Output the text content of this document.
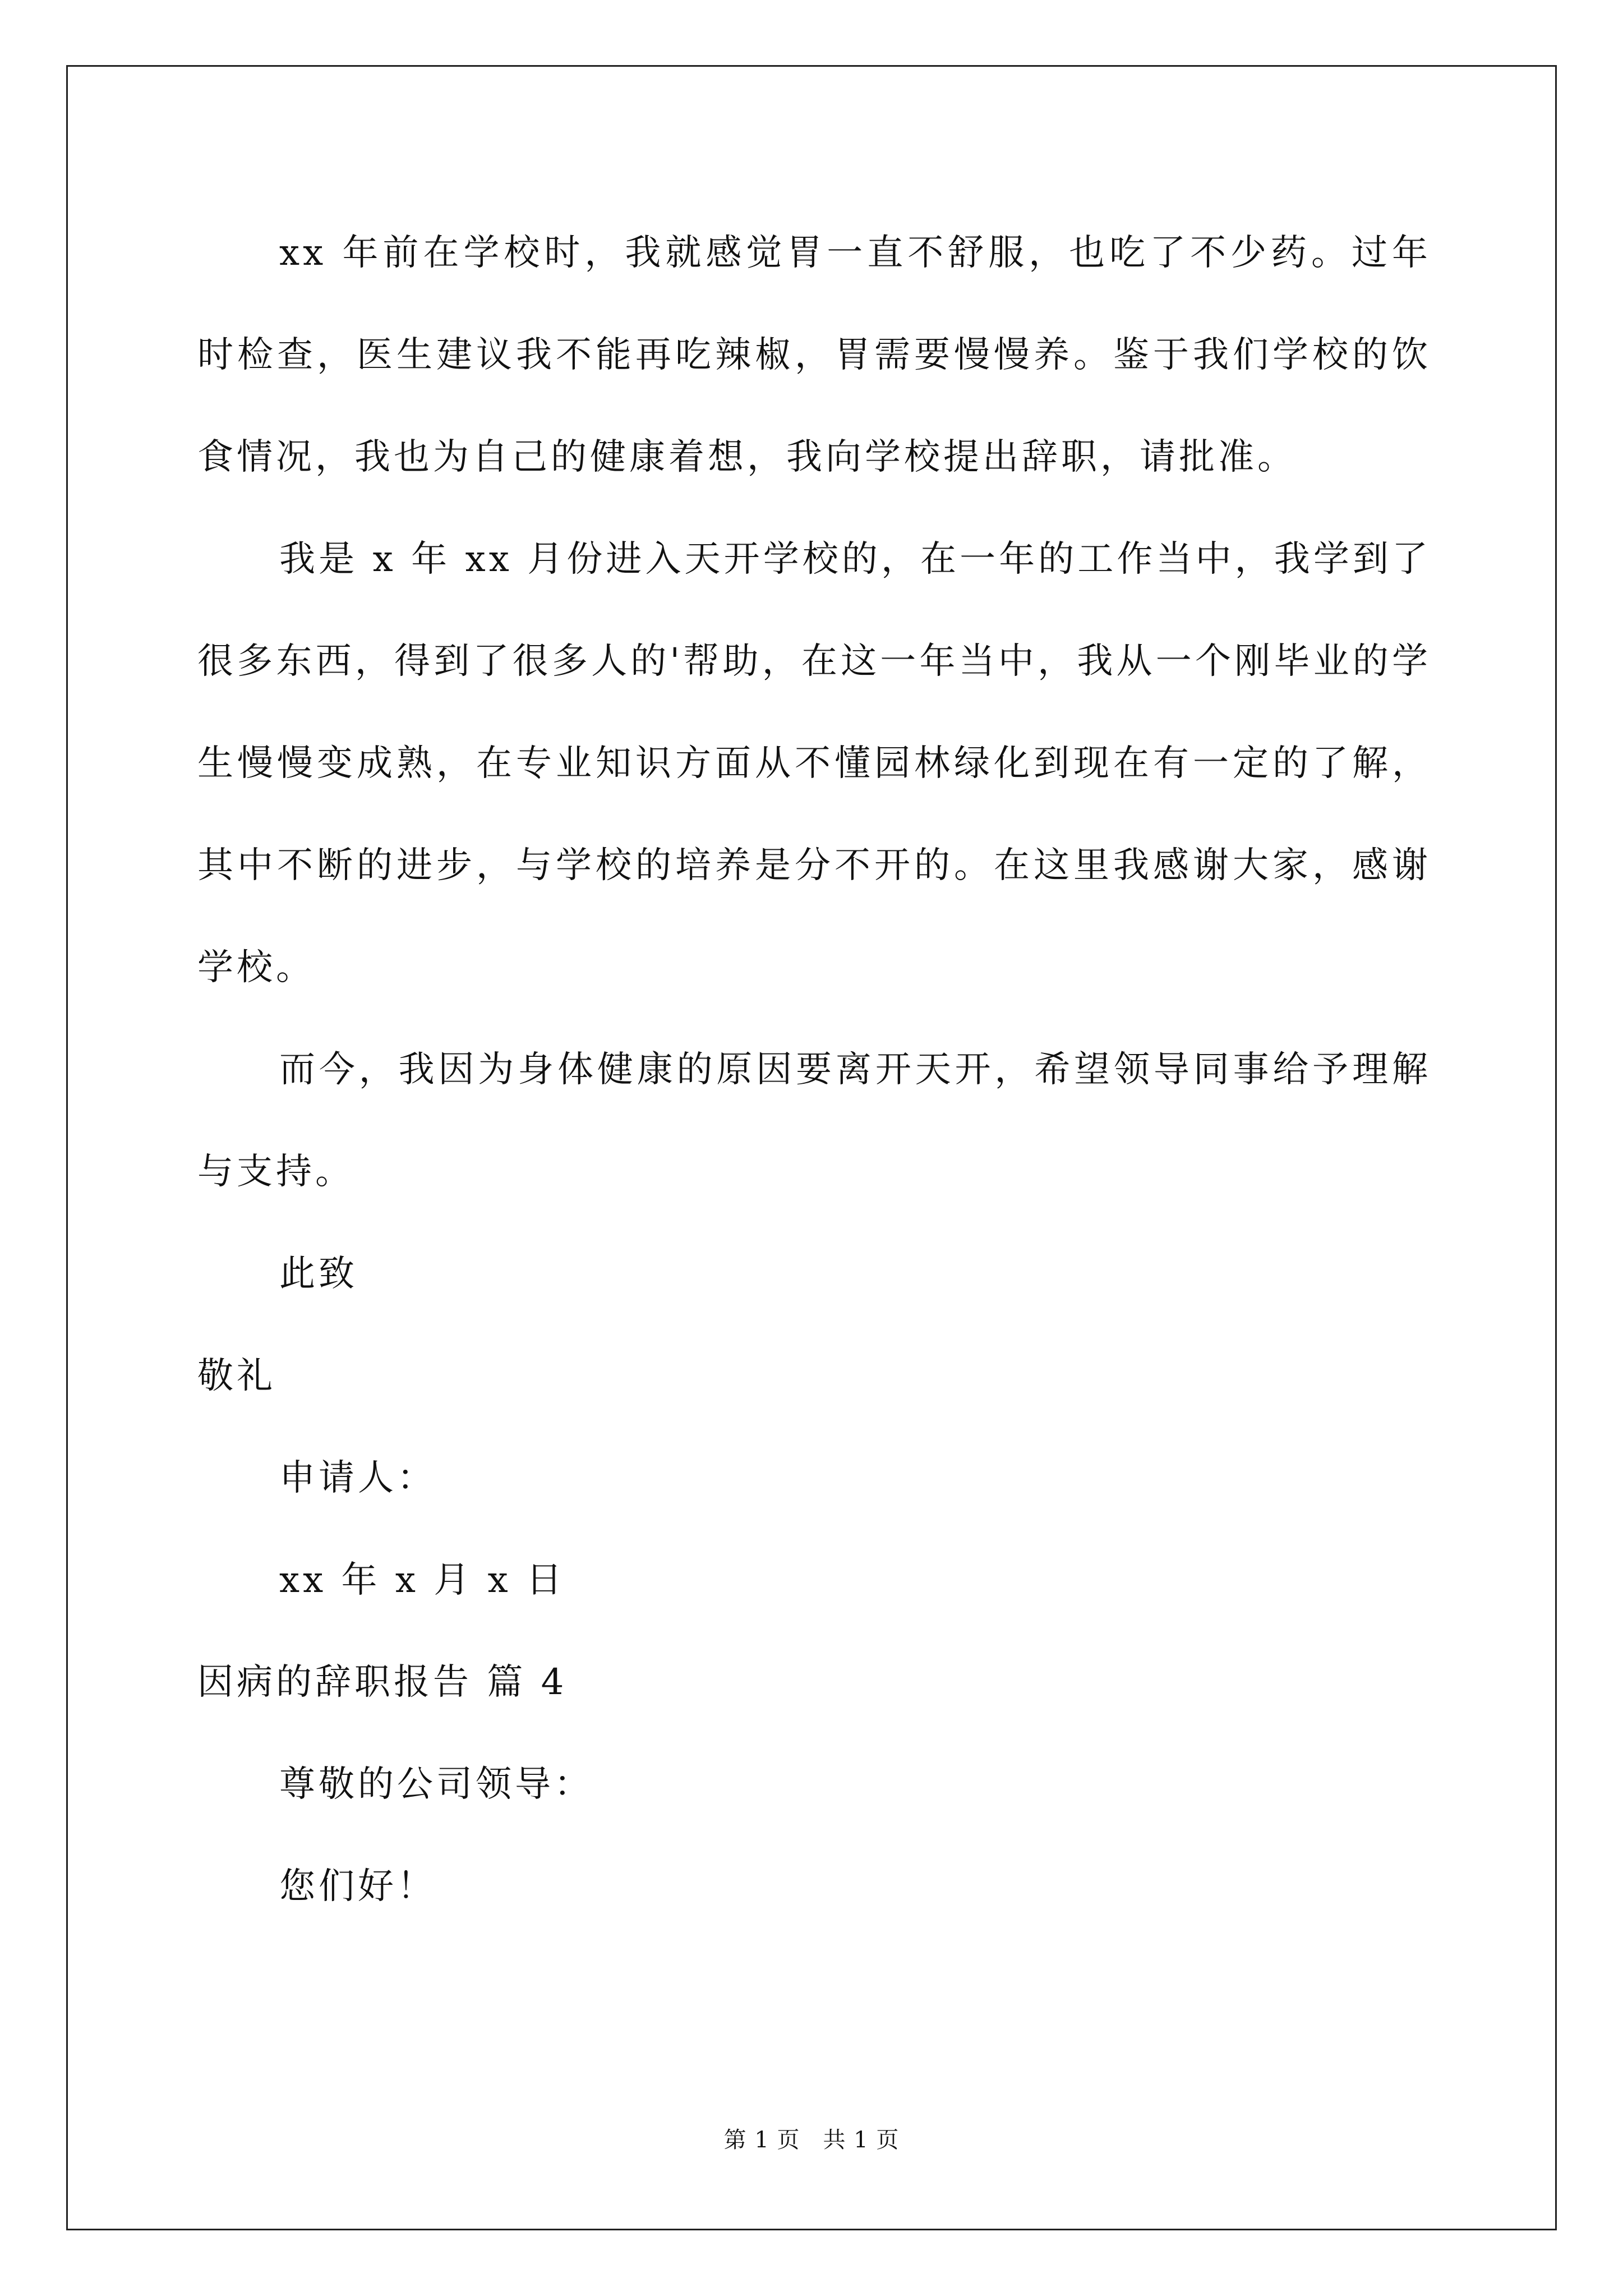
xx 年前在学校时，我就感觉胃一直不舒服，也吃了不少药。过年时检查，医生建议我不能再吃辣椒，胃需要慢慢养。鉴于我们学校的饮食情况，我也为自己的健康着想，我向学校提出辞职，请批准。

我是 x 年 xx 月份进入天开学校的，在一年的工作当中，我学到了很多东西，得到了很多人的'帮助，在这一年当中，我从一个刚毕业的学生慢慢变成熟，在专业知识方面从不懂园林绿化到现在有一定的了解，其中不断的进步，与学校的培养是分不开的。在这里我感谢大家，感谢学校。

而今，我因为身体健康的原因要离开天开，希望领导同事给予理解与支持。

此致

敬礼

申请人：

xx 年 x 月 x 日

因病的辞职报告 篇 4

尊敬的公司领导：

您们好！

第 1 页　共 1 页
